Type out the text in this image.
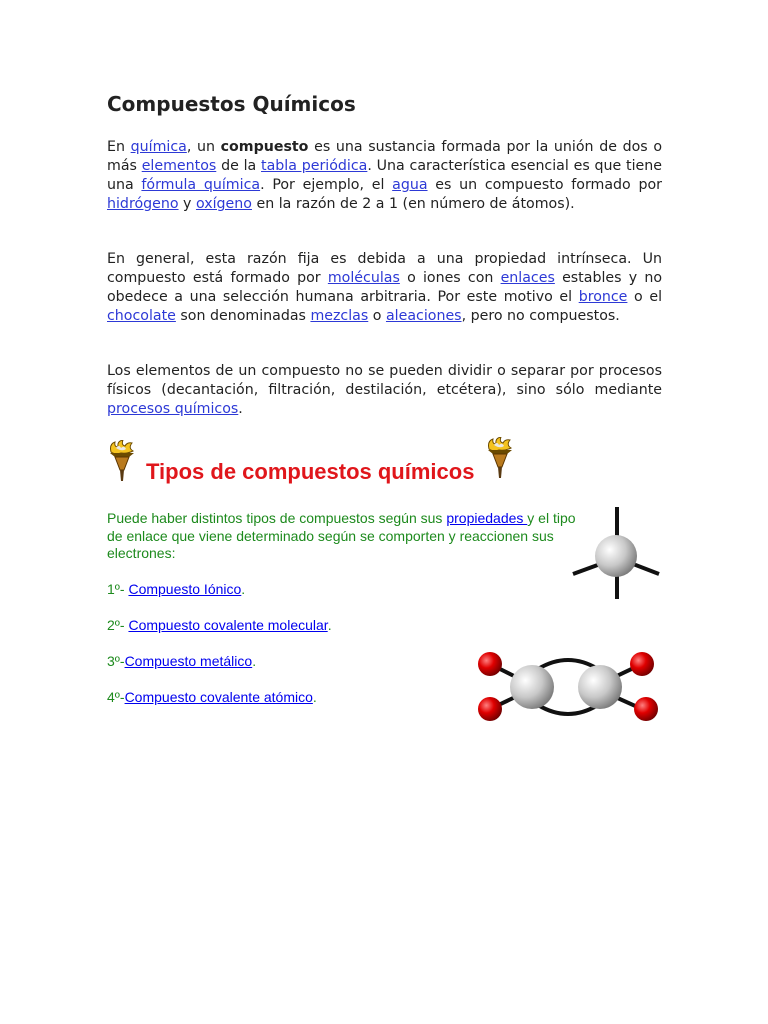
Compuestos Químicos

En química, un compuesto es una sustancia formada por la unión de dos o más elementos de la tabla periódica. Una característica esencial es que tiene una fórmula química. Por ejemplo, el agua es un compuesto formado por hidrógeno y oxígeno en la razón de 2 a 1 (en número de átomos).

En general, esta razón fija es debida a una propiedad intrínseca. Un compuesto está formado por moléculas o iones con enlaces estables y no obedece a una selección humana arbitraria. Por este motivo el bronce o el chocolate son denominadas mezclas o aleaciones, pero no compuestos.

Los elementos de un compuesto no se pueden dividir o separar por procesos físicos (decantación, filtración, destilación, etcétera), sino sólo mediante procesos químicos.

Tipos de compuestos químicos

Puede haber distintos tipos de compuestos según sus propiedades y el tipo de enlace que viene determinado según se comporten y reaccionen sus electrones:

1º- Compuesto Iónico.

2º- Compuesto covalente molecular.

3º-Compuesto metálico.

4º-Compuesto covalente atómico.
